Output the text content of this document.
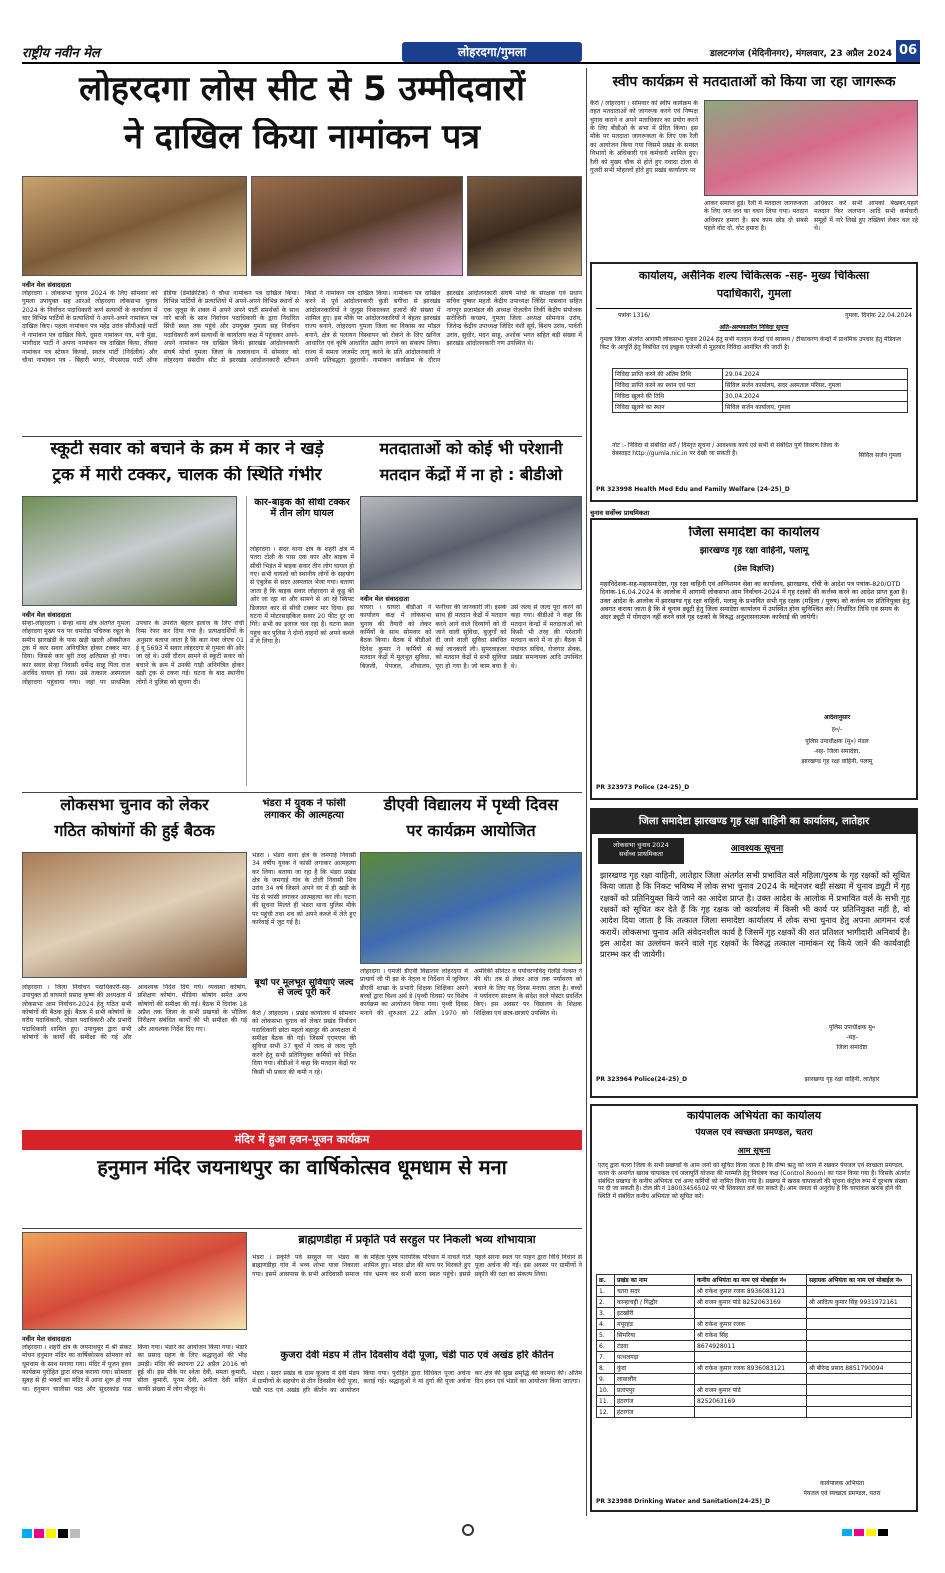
राष्ट्रीय नवीन मेल	लोहरदगा/गुमला	डालटनगंज (मेदिनीनगर), मंगलवार, 23 अप्रैल 2024 06
लोहरदगा लोस सीट से 5 उम्मीदवारों
ने दाखिल किया नामांकन पत्र
नवीन मेल संवाददाता
लोहरदगा । लोकसभा चुनाव 2024 के लिए सोमवार को गुमला उपायुक्त सह आरओ लोहरदगा लोकसभा चुनाव 2024 के निर्वाचन पदाधिकारी कर्ण सत्यार्थी के कार्यालय में चार विभिन्न पार्टियों के प्रत्याशियों ने अपने-अपने नामांकन पत्र दाखिल किए। पहला नामांकन पत्र महेंद्र उरांव सीपीआई पार्टी ने नामांकन पत्र दाखिल किये, दूसरा नामांकन पत्र, मनी मुंडा, भागीदार पार्टी ने अपना नामांकन पत्र दाखिल किया, तीसरा नामांकन पत्र स्टेफन किण्डो, स्वतंत्र पार्टी (निर्दलीय) और चौथा नामांकन पत्र - बिहारी भगत, पीएसएस पार्टी ऑफ इंडिया (डेमोक्रेटिक) ने चौथा नामांकन पत्र दाखिल किया। विभिन्न पार्टियों के प्रत्याशियों में अपने-अपने विभिन्न स्थानों से एक जुलूस के शक्ल में अपने अपने पार्टी समर्थकों के साथ नारे बाजी के साथ निर्वाचन पदाधिकारी के द्वारा निर्धारित सिंधी स्थल तक पहुंचे और उपयुक्त गुमला सह निर्वाचन पदाधिकारी कर्ण सत्यार्थी के कार्यालय कक्ष में पहुंचकर अपने-अपने नामांकन पत्र दाखिल किये। झारखंड आंदोलनकारी संघर्ष मोर्चा गुमला जिला के तत्वावधान में सोमवार को लोहरदगा संसदीय सीट से झारखंड आंदोलनकारी स्टीफन किंडो ने नामांकन पत्र दाखिल किया। नामांकन पत्र दाखिल करने से पूर्व आंदोलनकारी कुंडी बगीचा से झारखंड आंदोलनकारियों ने जुलूस निकालकर हजारों की संख्या में शामिल हुए। इस मौके पर आंदोलनकारियों ने बेहतर झारखंड राज्य बनाने, लोहरदगा गुमला जिला का विकास का मॉडल बनाने, क्षेत्र से पलायन विस्थापन को रोकने के लिए खनिज आधारित एवं कृषि आधारित उद्योग लगाने का संकल्प लिया। राज्य में समता जजमेंट लागू करने के प्रति आंदोलनकारी ने अपनी प्रतिबद्धता दुहरायी। नामांकन कार्यक्रम के दौरान झारखंड आंदोलनकारी संघर्ष मोर्चा के संरक्षक एवं प्रधान सचिव पुष्कर महतो केंद्रीय उपाध्यक्ष जिंदिर पासवान सहित नागपुर प्रजामंडल की अध्यक्ष रोज़लीन तिर्की केंद्रीय संयोजक सरोजिनी कच्छप, गुमला जिला अध्यक्ष सोमनाथ उरांव, जितेन्द्र केंद्रीय उपाध्यक्ष जिंदिर वंशी सूर्य, बिशप उरांव, पार्वती उरांव, सुधीर, मदन साहू, अशोक भगत सहित बड़ी संख्या में झारखंड आंदोलनकारी गण उपस्थित थे।
स्वीप कार्यक्रम से मतदाताओं को किया जा रहा जागरूक
कैरो / लोहरदगा । सोमवार को स्वीप कार्यक्रम के तहत मतदाताओं को जागरूक करने एवं निष्पक्ष चुनाव कराने व अपने मताधिकार का प्रयोग करने के लिए बीडीओ के सभा में प्रेरित किया। इस मौके पर मतदाता जागरूकता के लिए एक रैली का आयोजन किया गया जिसमें प्रखंड के समस्त विभागों के अधिकारी एवं कर्मचारी शामिल हुए। रैली को मुख्य चौक से होते हुए नवादा टोला से गुजरी सभी मोहल्लों होते हुए प्रखंड कार्यालय पर
आकर समाप्त हुई। रैली में मतदाता जागरूकता के लिए जन जन का वचन लिया गया। मतदान अधिकार हमारा है। सब काम छोड़ दो सबसे पहले वोट दो, वोट हमारा है।
अधिकार करें सभी आपको बेखबर,पहले मतदान फिर जलपान आदि सभी कर्मचारी समूहों में नारे लिखे हुए तख्तियां लेकर चल रहे थे।
कार्यालय, असैनिक शल्य चिकित्सक -सह- मुख्य चिकित्सा
पदाधिकारी, गुमला
पत्रांक 1316/	गुमला, दिनांक 22.04.2024
अति-अल्पकालीन निविदा सूचना
गुमला जिला अंतर्गत आगामी लोकसभा चुनाव 2024 हेतु सभी मतदान केन्द्रों एवं स्वास्थ्य / टीकाकरण केन्द्रों में प्राथमिक उपचार हेतु मेडिकल किट के आपूर्ति हेतु निबंधित एवं इच्छुक एजेन्सी से मुहरबंद निविदा आमंत्रित की जाती है।
निविदा प्राप्ति करने की अंतिम तिथि	29.04.2024
निविदा प्राप्ति करने का स्थान एवं पता	सिविल सर्जन कार्यालय, सदर अस्पताल परिसर, गुमला
निविदा खुलने की तिथि	30.04.2024
निविदा खुलने का स्थान	सिविल सर्जन कार्यालय, गुमला
नोट :- निविदा से संबंधित शर्तें / विस्तृत सूचना / आवश्यक कार्य एवं सभी से संबंधित पूर्ण विवरण जिला के वेबसाइट http://gumla.nic.in पर देखी जा सकती है।	सिविल सर्जन गुमला
PR 323998 Health Med Edu and Family Welfare (24-25)_D
स्कूटी सवार को बचाने के क्रम में कार ने खड़े
ट्रक में मारी टक्कर, चालक की स्थिति गंभीर
नवीन मेल संवाददाता
सेन्हा-लोहरदगा । सेन्हा थाना क्षेत्र अंतर्गत गुमला लोहरदगा मुख्य पथ पर धमरोड़ा पचिरुक रबूल के समीप झारखंडी के पास खड़ी खाली ऑक्सीजन ट्रक में कार सवार अनियंत्रित होकर टक्कर मार दिया। जिससे कार बुरी तरह क्षतिग्रस्त हो गया। कार सवार सेन्हा निवासी धर्मेन्द्र साहू पिता राज अरविंद घायल हो गया। उसे तत्काल अस्पताल लोहरदगा पहुंचाया गया। जहां पर प्राथमिक उपचार के उपरांत बेहतर इलाज के लिए रांची रिम्स रेफर कर दिया गया है। प्रत्यक्षदर्शियों के अनुसार बताया जाता है कि कार नंबर जेएच 01 ई यू 5693 में सवार लोहरदगा से गुमला की ओर जा रहे थे। उसी दौरान सामने से स्कूटी सवार को बचाने के क्रम में उनकी गाड़ी अनियंत्रित होकर खड़ी ट्रक से टकरा गई। घटना के बाद स्थानीय लोगों ने पुलिस को सूचना दी।
कार-बाइक की सीधी टक्कर में तीन लोग घायल
लोहरदगा । सदर थाना क्षेत्र के शहरी क्षेत्र में पतरा टोली के पास एक कार और बाइक में सीधी भिड़ंत में बाइक सवार तीन लोग घायल हो गए। सभी घायलों को स्थानीय लोगों के सहयोग से एंबुलेंस से सदर अस्पताल भेजा गया। बताया जाता है कि बाइक सवार लोहरदगा से कुडू की ओर जा रहा था और सामने से आ रहे स्विफ्ट डिजायर कार से सीधी टक्कर मार दिया। इस घटना में मोटरसाइकिल सवार 20 फीट दूर जा गिरे। सभी का इलाज चल रहा है। घटना स्थल पहुंच कर पुलिस ने दोनों वाहनों को अपने कब्जे में ले लिया है।
मतदाताओं को कोई भी परेशानी
मतदान केंद्रों में ना हो : बीडीओ
नवीन मेल संवाददाता
घाघरा । घाघरा बीडीओ ने कार्यालय कक्ष में लोकसभा चुनाव की तैयारी को लेकर कर्मियों के साथ सोमवार को बैठक किया। बैठक में बीडीओ दिनेश कुमार ने कर्मियों से मतदान केंद्रों में मूलभूत सुविधा, बिजली, पेयजल, शौचालय, फर्नीचर की जानकारी ली। इसके साथ ही मतदान केंद्रों में मतदान करने आने वाले दिव्यांगों को दी जाने वाली सुविधा, बुजुर्गों को दी जाने वाली सुविधा संबंधित कई जानकारी ली। सुपरवाइजर को मतदान केंद्रों में सभी सुविधा पूरा हो गया है। जो काम बचा है उसे जल्द से जल्द पूरा करने को कहा गया। बीडीओ ने कहा कि मतदान केन्द्रों में मतदाताओं को किसी भी तरह की परेशानी मतदान करने में ना हो। बैठक में पंचायत सचिव, रोजगार सेवक, प्रखंड समन्वयक आदि उपस्थित थे।
चुनाव सर्वोच्च प्राथमिकता
जिला समादेष्टा का कार्यालय
झारखण्ड गृह रक्षा वाहिनी, पलामू
(प्रेस विज्ञप्ति)
महानिदेशक-सह-महासमादेष्टा, गृह रक्षा वाहिनी एवं अग्निशमन सेवा का कार्यालय, झारखण्ड, राँची के आदेश पत्र पत्रांक-820/OTD दिनांक-16.04.2024 के आलोक में आगामी लोकसभा आम निर्वाचन-2024 में गृह रक्षकों की कर्त्तव्य करने का आदेश प्राप्त हुआ है। उक्त आदेश के आलोक में झारखण्ड गृह रक्षा वाहिनी, पलामू के प्रभावित सभी गृह रक्षक (महिला / पुरुष) को कर्त्तव्य पर प्रतिनियुक्त हेतु अवगत कराया जाता है कि वे चुनाव ड्यूटी हेतु जिला समादेष्टा कार्यालय में उपस्थित होना सुनिश्चित करें। निर्धारित तिथि एवं समय के अंदर ड्यूटी में योगदान नहीं करने वाले गृह रक्षकों के विरुद्ध अनुशासनात्मक कार्रवाई की जायेगी।
आदेशानुसार
ह०/-
पुलिस उपाधीक्षक (मु०) मंडल
-सह- जिला समादेष्टा,
झारखण्ड गृह रक्षा वाहिनी, पलामू
PR 323973 Police (24-25)_D
लोकसभा चुनाव को लेकर
गठित कोषांगों की हुई बैठक
लोहरदगा । जिला निर्वाचन पदाधिकारी-सह-उपायुक्त डॉ वाघमारे प्रसाद कृष्ण की अध्यक्षता में लोकसभा आम निर्वाचन-2024 हेतु गठित सभी कोषांगों की बैठक हुई। बैठक में सभी कोषांगों के वरीय पदाधिकारी, नोडल पदाधिकारी और प्रभारी पदाधिकारी शामिल हुए। उपायुक्त द्वारा सभी कोषांगों के कार्यों की समीक्षा की गई और आवश्यक निर्देश दिये गये। व्यवस्था कोषांग, प्रशिक्षण कोषांग, मीडिया कोषांग समेत अन्य कोषांगों की समीक्षा की गई। बैठक में दिनांक 18 अप्रैल तक जिला के सभी प्रखण्डों के भौतिक निरीक्षण संबंधित कार्यों की भी समीक्षा की गई और आवश्यक निर्देश दिए गए।
भंडरा में युवक ने फांसी लगाकर की आत्महत्या
भंडरा । भंडरा थाना क्षेत्र के जमगाई निवासी 34 वर्षीय युवक ने फांसी लगाकर आत्महत्या कर लिया। बताया जा रहा है कि भंडरा प्रखंड क्षेत्र के जमगाई गांव के टोली निवासी शिव उरांव 34 वर्ष जिसने अपने घर में ही खड़ी के पेड़ से फांसी लगाकर आत्महत्या कर ली। घटना की सूचना मिलते ही भंडरा थाना पुलिस मौके पर पहुंची तथा शव को अपने कब्जे में लेते हुए कार्रवाई में जुट गई है।
बूथों पर मूलभूत सुविधाएं जल्द से जल्द पूरी करें
कैरो / लोहरदगा । प्रखंड कार्यालय में सोमवार को लोकसभा चुनाव को लेकर प्रखंड निर्वाचन पदाधिकारी छोटा महतो बहादुर की अध्यक्षता में समीक्षा बैठक की गई। जिसमें एएमएफ की सुविधा सभी 37 बूथों में जल्द से जल्द पूरी करने हेतु सभी प्रतिनियुक्त कर्मियों को निर्देश दिया गया। बीडीओ ने कहा कि मतदान केंद्रों पर किसी भी प्रकार की कमी न रहे।
डीएवी विद्यालय में पृथ्वी दिवस
पर कार्यक्रम आयोजित
लोहरदगा । एमजी डीएवी विद्यालय लोहरदगा में प्राचार्य जी पी झा के नेतृत्व व निर्देशन में जूनियर डीएवी शाखा के प्रभारी शिक्षक शिक्षिका अपने बच्चों द्वारा विश्व अर्थ डे (पृथ्वी दिवस) पर विशेष कार्यक्रम का आयोजन किया गया। पृथ्वी दिवस मनाने की शुरुआत 22 अप्रैल 1970 को अमेरिकी सीनेटर व पर्यावरणविद् गेलॉर्ड नेल्सन ने की थी। तब से लेकर आज तक पर्यावरण को बचाने के लिए यह दिवस मनाया जाता है। बच्चों ने पर्यावरण संरक्षण के संदेश वाले पोस्टर प्रदर्शित किए। इस अवसर पर विद्यालय के शिक्षक शिक्षिका एवं छात्र-छात्राएं उपस्थित थे।
जिला समादेष्टा झारखण्ड गृह रक्षा वाहिनी का कार्यालय, लातेहार
लोकसभा चुनाव 2024
सर्वोच्च प्राथमिकता	आवश्यक सूचना
झारखण्ड गृह रक्षा वाहिनी, लातेहार जिला अंतर्गत सभी प्रभावित वर्ल महिला/पुरुष के गृह रक्षकों को सूचित किया जाता है कि निकट भविष्य में लोक सभा चुनाव 2024 के मद्देनजर बड़ी संख्या में चुनाव ड्यूटी में गृह रक्षकों को प्रतिनियुक्त किये जाने का आदेश प्राप्त है। उक्त आदेश के आलोक में प्रभावित वर्ल के सभी गृह रक्षकों को सूचित कर देते हैं कि गृह रक्षक जो कार्यालय में किसी भी कार्य पर प्रतिनियुक्त नहीं है, वो आदेश दिया जाता है कि तत्काल जिला समादेष्टा कार्यालय में लोक सभा चुनाव हेतु अपना आगमन दर्ज करायें। लोकसभा चुनाव अति संवेदनशील कार्य है जिसमें गृह रक्षकों की शत प्रतिशत भागीदारी अनिवार्य है। इस आदेश का उल्लंघन करने वाले गृह रक्षकों के विरुद्ध तत्काल नामांकन रद्द किये जाने की कार्यवाही प्रारम्भ कर दी जायेगी।
पुलिस उपाधीक्षक मु०
-सह-
जिला समादेष्टा
झारखण्ड गृह रक्षा वाहिनी, लातेहार
PR 323964 Police(24-25)_D
मंदिर में हुआ हवन-पूजन कार्यक्रम
हनुमान मंदिर जयनाथपुर का वार्षिकोत्सव धूमधाम से मना
नवीन मेल संवाददाता
लोहरदगा । शहरी क्षेत्र के जयनाथपुर में श्री संकट मोचन हनुमान मंदिर का वार्षिकोत्सव सोमवार को धूमधाम के साथ मनाया गया। मंदिर में पूजन हवन कार्यक्रम पुरोहित द्वारा संपन्न कराया गया। सोमवार सुबह से ही भक्तों का मंदिर में आना शुरू हो गया था। हनुमान चालीसा पाठ और सुंदरकांड पाठ किया गया। भंडारे का आयोजन किया गया। भंडारे का प्रसाद ग्रहण के लिए श्रद्धालुओं की भीड़ उमड़ी। मंदिर की स्थापना 22 अप्रैल 2016 को हुई थी। इस मौके पर श्वेता देवी, ममता कुमारी, सीता कुमारी, पूनम देवी, अनीता देवी सहित काफी संख्या में लोग मौजूद थे।
ब्राह्मणडीहा में प्रकृति पर्व सरहुल पर निकली भव्य शोभायात्रा
भंडरा । प्रकृति पर्व सरहुल पर भंडरा के ब्राह्मणडीहा गांव में भव्य शोभा यात्रा निकाला गया। इसमें आसपास के सभी आदिवासी समाज के महिला पुरुष पारंपरिक परिधान में नाचते गाते शामिल हुए। मांदर ढोल की थाप पर थिरकते हुए गांव भ्रमण कर सभी सरना स्थल पहुंचे। इससे पहले सरना स्थल पर पाहन द्वारा विधि विधान से पूजा अर्चना की गई। इस अवसर पर ग्रामीणों ने प्रकृति की रक्षा का संकल्प लिया।
कुजरा देवी मंडप में तीन दिवसीय वेदी पूजा, चंडी पाठ एवं अखंड हरि कीर्तन
भंडरा । सदर प्रखंड के ग्राम कुजरा में देवी मंडप में ग्रामीणों के सहयोग से तीन दिवसीय वेदी पूजा, चंडी पाठ एवं अखंड हरि कीर्तन का आयोजन किया गया। पुरोहित द्वारा विधिवत पूजा अर्चना कराई गई। श्रद्धालुओं ने मां दुर्गा की पूजा अर्चना कर क्षेत्र की सुख समृद्धि की कामना की। अंतिम दिन हवन एवं भंडारे का आयोजन किया जाएगा।
कार्यपालक अभियंता का कार्यालय
पेयजल एवं स्वच्छता प्रमण्डल, चतरा
आम सूचना
एतद् द्वारा चतरा जिला के सभी प्रखण्डों के आम जनों को सूचित किया जाता है कि ग्रीष्म ऋतु को ध्यान में रखकर पेयजल एवं स्वच्छता प्रमण्डल, चतरा के अन्तर्गत खराब चापाकल एवं जलापूर्ति योजना की मरम्मति हेतु नियंत्रण कक्ष (Control Room) का गठन किया गया है। जिसके अंतर्गत संबंधित प्रखण्ड के कनीय अभियंता एवं अन्य कर्मियों को नामित किया गया है। प्रखण्ड में खराब चापाकलों की सूचना कंट्रोल रूम में दूरभाष संख्या पर दी जा सकती है। टोल फ्री नं 18003456502 पर भी शिकायत दर्ज कर सकते हैं। आम जनता से अनुरोध है कि चापाकल खराब होने की स्थिति में संबंधित कनीय अभियंता को सूचित करें।
क्र.	प्रखंड का नाम	कनीय अभियंता का नाम एवं मोबाईल नं०	सहायक अभियंता का नाम एवं मोबाईल नं०
1.	चतरा सदर	श्री राकेश कुमार रजक 8936083121	
2.	कान्हाचट्टी / गिद्धौर	श्री राजन कुमार पांडे 8252063169	श्री आदित्य कुमार सिंह 9931972161
3.	इटखोरी		
4.	मयूरहंड	श्री राकेश कुमार रजक	
5.	सिमरिया	श्री राकेश सिंह	
6.	टंडवा	8674928011	
7.	पत्थलगड़ा		
8.	कुंदा	श्री राकेश कुमार रजक 8936083121	श्री बीरेन्द्र प्रसाद 8851790094
9.	लावालौंग		
10.	प्रतापपुर	श्री राजन कुमार पांडे	
11.	हंटरगंज	8252063169	
12.	हंटरगंज		
कार्यपालक अभियंता
पेयजल एवं स्वच्छता प्रमण्डल, चतरा
PR 323988 Drinking Water and Sanitation(24-25)_D
